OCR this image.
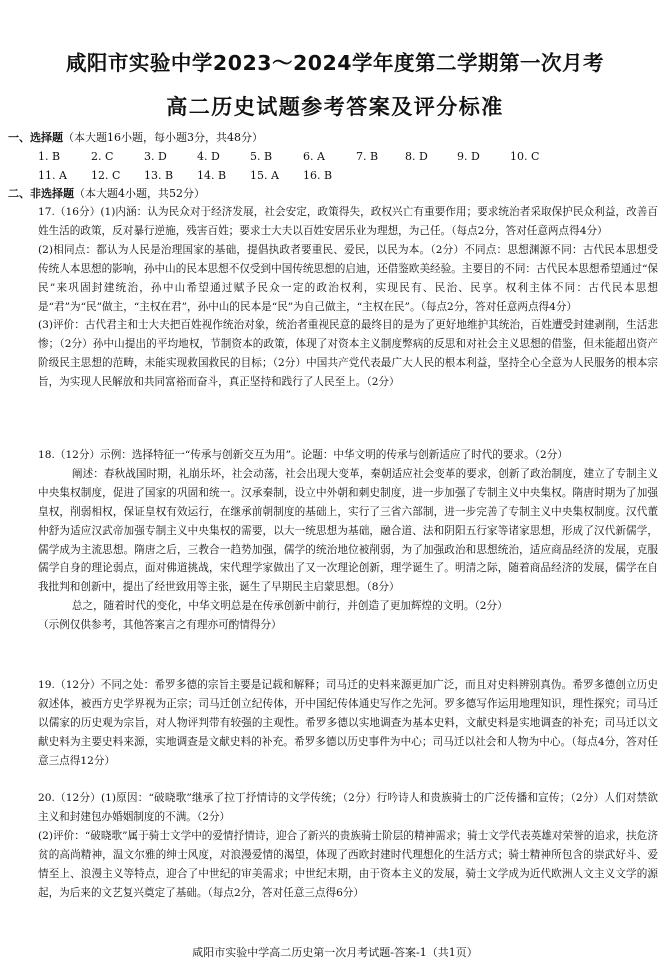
咸阳市实验中学2023～2024学年度第二学期第一次月考
高二历史试题参考答案及评分标准
一、选择题（本大题16小题，每小题3分，共48分）
1. B	2. C	3. D	4. D	5. B	6. A	7. B 8. D	9. D	10. C
11. A 12. C 13. B 14. B 15. A 16. B
二、非选择题（本大题4小题，共52分）

17.（16分）(1)内涵：认为民众对于经济发展，社会安定，政策得失，政权兴亡有重要作用；要求统治者采取保护民众利益，改善百姓生活的政策，反对暴行逆施，残害百姓；要求士大夫以百姓安居乐业为理想，为己任。（每点2分，答对任意两点得4分）

(2)相同点：都认为人民是治理国家的基础，提倡执政者要重民、爱民，以民为本。（2分）不同点：思想渊源不同：古代民本思想受传统人本思想的影响，孙中山的民本思想不仅受到中国传统思想的启迪，还借鉴欧美经验。主要目的不同：古代民本思想希望通过“保民”来巩固封建统治，孙中山希望通过赋予民众一定的政治权利，实现民有、民治、民享。权利主体不同：古代民本思想是“君”为“民”做主，“主权在君”，孙中山的民本是“民”为自己做主，“主权在民”。（每点2分，答对任意两点得4分）

(3)评价：古代君主和士大夫把百姓视作统治对象，统治者重视民意的最终目的是为了更好地维护其统治，百姓遭受封建剥削，生活悲惨；（2分）孙中山提出的平均地权，节制资本的政策，体现了对资本主义制度弊病的反思和对社会主义思想的借鉴，但未能超出资产阶级民主思想的范畴，未能实现救国救民的目标；（2分）中国共产党代表最广大人民的根本利益，坚持全心全意为人民服务的根本宗旨，为实现人民解放和共同富裕而奋斗，真正坚持和践行了人民至上。（2分）

18.（12分）示例：选择特征一“传承与创新交互为用”。论题：中华文明的传承与创新适应了时代的要求。（2分）

阐述：春秋战国时期，礼崩乐坏，社会动荡，社会出现大变革，秦朝适应社会变革的要求，创新了政治制度，建立了专制主义中央集权制度，促进了国家的巩固和统一。汉承秦制，设立中外朝和刺史制度，进一步加强了专制主义中央集权。隋唐时期为了加强皇权，削弱相权，保证皇权有效运行，在继承前朝制度的基础上，实行了三省六部制，进一步完善了专制主义中央集权制度。汉代董仲舒为适应汉武帝加强专制主义中央集权的需要，以大一统思想为基础，融合道、法和阴阳五行家等诸家思想，形成了汉代新儒学，儒学成为主流思想。隋唐之后，三教合一趋势加强，儒学的统治地位被削弱，为了加强政治和思想统治，适应商品经济的发展，克服儒学自身的理论弱点，面对佛道挑战，宋代理学家做出了又一次理论创新，理学诞生了。明清之际，随着商品经济的发展，儒学在自我批判和创新中，提出了经世致用等主张，诞生了早期民主启蒙思想。（8分）

总之，随着时代的变化，中华文明总是在传承创新中前行，并创造了更加辉煌的文明。（2分）

（示例仅供参考，其他答案言之有理亦可酌情得分）

19.（12分）不同之处：希罗多德的宗旨主要是记载和解释；司马迁的史料来源更加广泛，而且对史料辨别真伪。希罗多德创立历史叙述体，被西方史学界视为正宗；司马迁创立纪传体，开中国纪传体通史写作之先河。罗多德写作运用地理知识，理性探究；司马迁以儒家的历史观为宗旨，对人物评判带有较强的主观性。希罗多德以实地调查为基本史料，文献史料是实地调查的补充；司马迁以文献史料为主要史料来源，实地调查是文献史料的补充。希罗多德以历史事件为中心；司马迁以社会和人物为中心。（每点4分，答对任意三点得12分）

20.（12分）(1)原因：“破晓歌”继承了拉丁抒情诗的文学传统；（2分）行吟诗人和贵族骑士的广泛传播和宣传；（2分）人们对禁欲主义和封建包办婚姻制度的不满。（2分）

(2)评价：“破晓歌”属于骑士文学中的爱情抒情诗，迎合了新兴的贵族骑士阶层的精神需求；骑士文学代表英雄对荣誉的追求，扶危济贫的高尚精神，温文尔雅的绅士风度，对浪漫爱情的渴望，体现了西欧封建时代理想化的生活方式；骑士精神所包含的崇武好斗、爱情至上、浪漫主义等特点，迎合了中世纪的审美需求；中世纪末期，由于资本主义的发展，骑士文学成为近代欧洲人文主义文学的源起，为后来的文艺复兴奠定了基础。（每点2分，答对任意三点得6分）

咸阳市实验中学高二历史第一次月考试题-答案-1（共1页）
